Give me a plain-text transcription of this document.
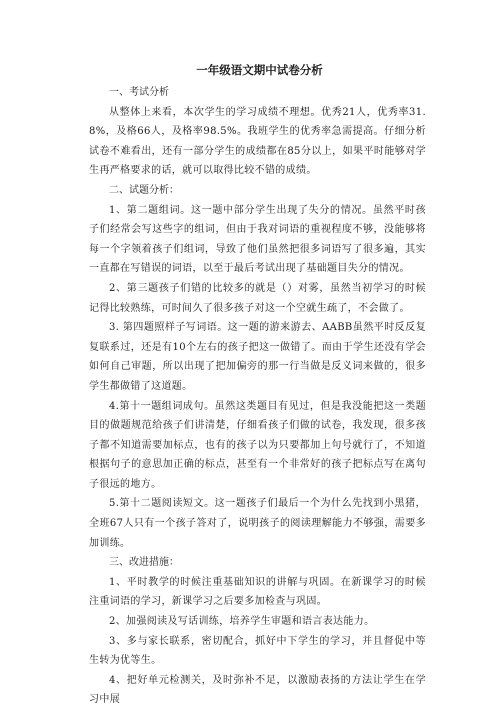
一年级语文期中试卷分析

一、考试分析

从整体上来看，本次学生的学习成绩不理想。优秀21人，优秀率31.8%，及格66人，及格率98.5%。我班学生的优秀率急需提高。仔细分析试卷不难看出，还有一部分学生的成绩都在85分以上，如果平时能够对学生再严格要求的话，就可以取得比较不错的成绩。

二、试题分析：

1、第二题组词。这一题中部分学生出现了失分的情况。虽然平时孩子们经常会写这些字的组词，但由于我对词语的重视程度不够，没能够将每一个字领着孩子们组词，导致了他们虽然把很多词语写了很多遍，其实一直都在写错误的词语，以至于最后考试出现了基础题目失分的情况。

2、第三题孩子们错的比较多的就是（）对雾，虽然当初学习的时候记得比较熟练，可时间久了很多孩子对这一个空就生疏了，不会做了。

3. 第四题照样子写词语。这一题的游来游去、AABB虽然平时反反复复联系过，还是有10个左右的孩子把这一做错了。而由于学生还没有学会如何自己审题，所以出现了把加偏旁的那一行当做是反义词来做的，很多学生都做错了这道题。

4.第十一题组词成句。虽然这类题目有见过，但是我没能把这一类题目的做题规范给孩子们讲清楚，仔细看孩子们做的试卷，我发现，很多孩子都不知道需要加标点，也有的孩子以为只要都加上句号就行了，不知道根据句子的意思加正确的标点，甚至有一个非常好的孩子把标点写在离句子很远的地方。

5.第十二题阅读短文。这一题孩子们最后一个为什么先找到小黑猪，全班67人只有一个孩子答对了，说明孩子的阅读理解能力不够强，需要多加训练。

三、改进措施：

1、平时教学的时候注重基础知识的讲解与巩固。在新课学习的时候注重词语的学习，新课学习之后要多加检查与巩固。

2、加强阅读及写话训练，培养学生审题和语言表达能力。

3、多与家长联系，密切配合，抓好中下学生的学习，并且督促中等生转为优等生。

4、把好单元检测关，及时弥补不足，以激励表扬的方法让学生在学习中展
